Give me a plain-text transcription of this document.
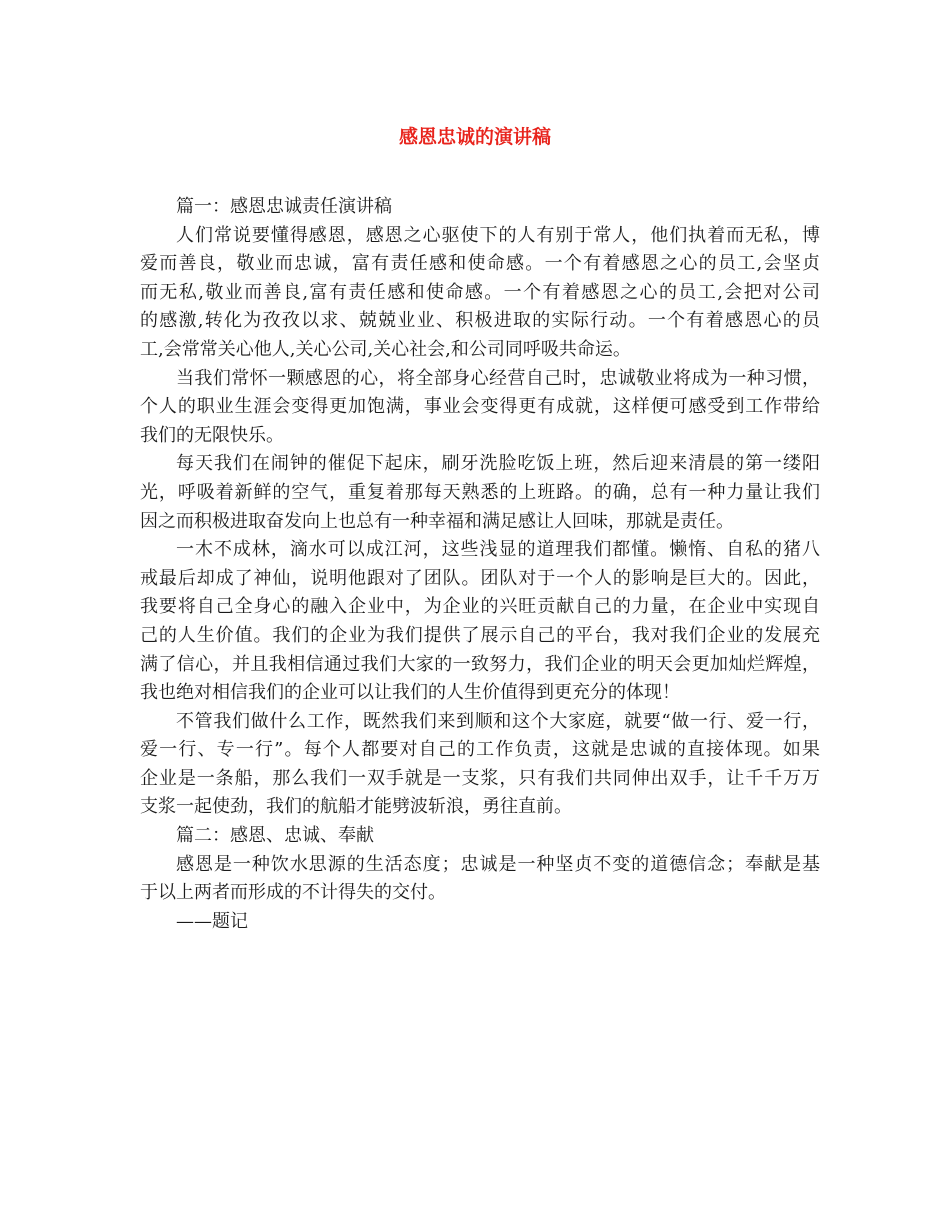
感恩忠诚的演讲稿
篇一：感恩忠诚责任演讲稿
人们常说要懂得感恩，感恩之心驱使下的人有别于常人，他们执着而无私，博
爱而善良，敬业而忠诚，富有责任感和使命感。一个有着感恩之心的员工,会坚贞
而无私,敬业而善良,富有责任感和使命感。一个有着感恩之心的员工,会把对公司
的感激,转化为孜孜以求、兢兢业业、积极进取的实际行动。一个有着感恩心的员
工,会常常关心他人,关心公司,关心社会,和公司同呼吸共命运。
当我们常怀一颗感恩的心，将全部身心经营自己时，忠诚敬业将成为一种习惯，
个人的职业生涯会变得更加饱满，事业会变得更有成就，这样便可感受到工作带给
我们的无限快乐。
每天我们在闹钟的催促下起床，刷牙洗脸吃饭上班，然后迎来清晨的第一缕阳
光，呼吸着新鲜的空气，重复着那每天熟悉的上班路。的确，总有一种力量让我们
因之而积极进取奋发向上也总有一种幸福和满足感让人回味，那就是责任。
一木不成林，滴水可以成江河，这些浅显的道理我们都懂。懒惰、自私的猪八
戒最后却成了神仙，说明他跟对了团队。团队对于一个人的影响是巨大的。因此，
我要将自己全身心的融入企业中，为企业的兴旺贡献自己的力量，在企业中实现自
己的人生价值。我们的企业为我们提供了展示自己的平台，我对我们企业的发展充
满了信心，并且我相信通过我们大家的一致努力，我们企业的明天会更加灿烂辉煌，
我也绝对相信我们的企业可以让我们的人生价值得到更充分的体现！
不管我们做什么工作，既然我们来到顺和这个大家庭，就要“做一行、爱一行，
爱一行、专一行”。每个人都要对自己的工作负责，这就是忠诚的直接体现。如果
企业是一条船，那么我们一双手就是一支浆，只有我们共同伸出双手，让千千万万
支浆一起使劲，我们的航船才能劈波斩浪，勇往直前。
篇二：感恩、忠诚、奉献
感恩是一种饮水思源的生活态度；忠诚是一种坚贞不变的道德信念；奉献是基
于以上两者而形成的不计得失的交付。
——题记
